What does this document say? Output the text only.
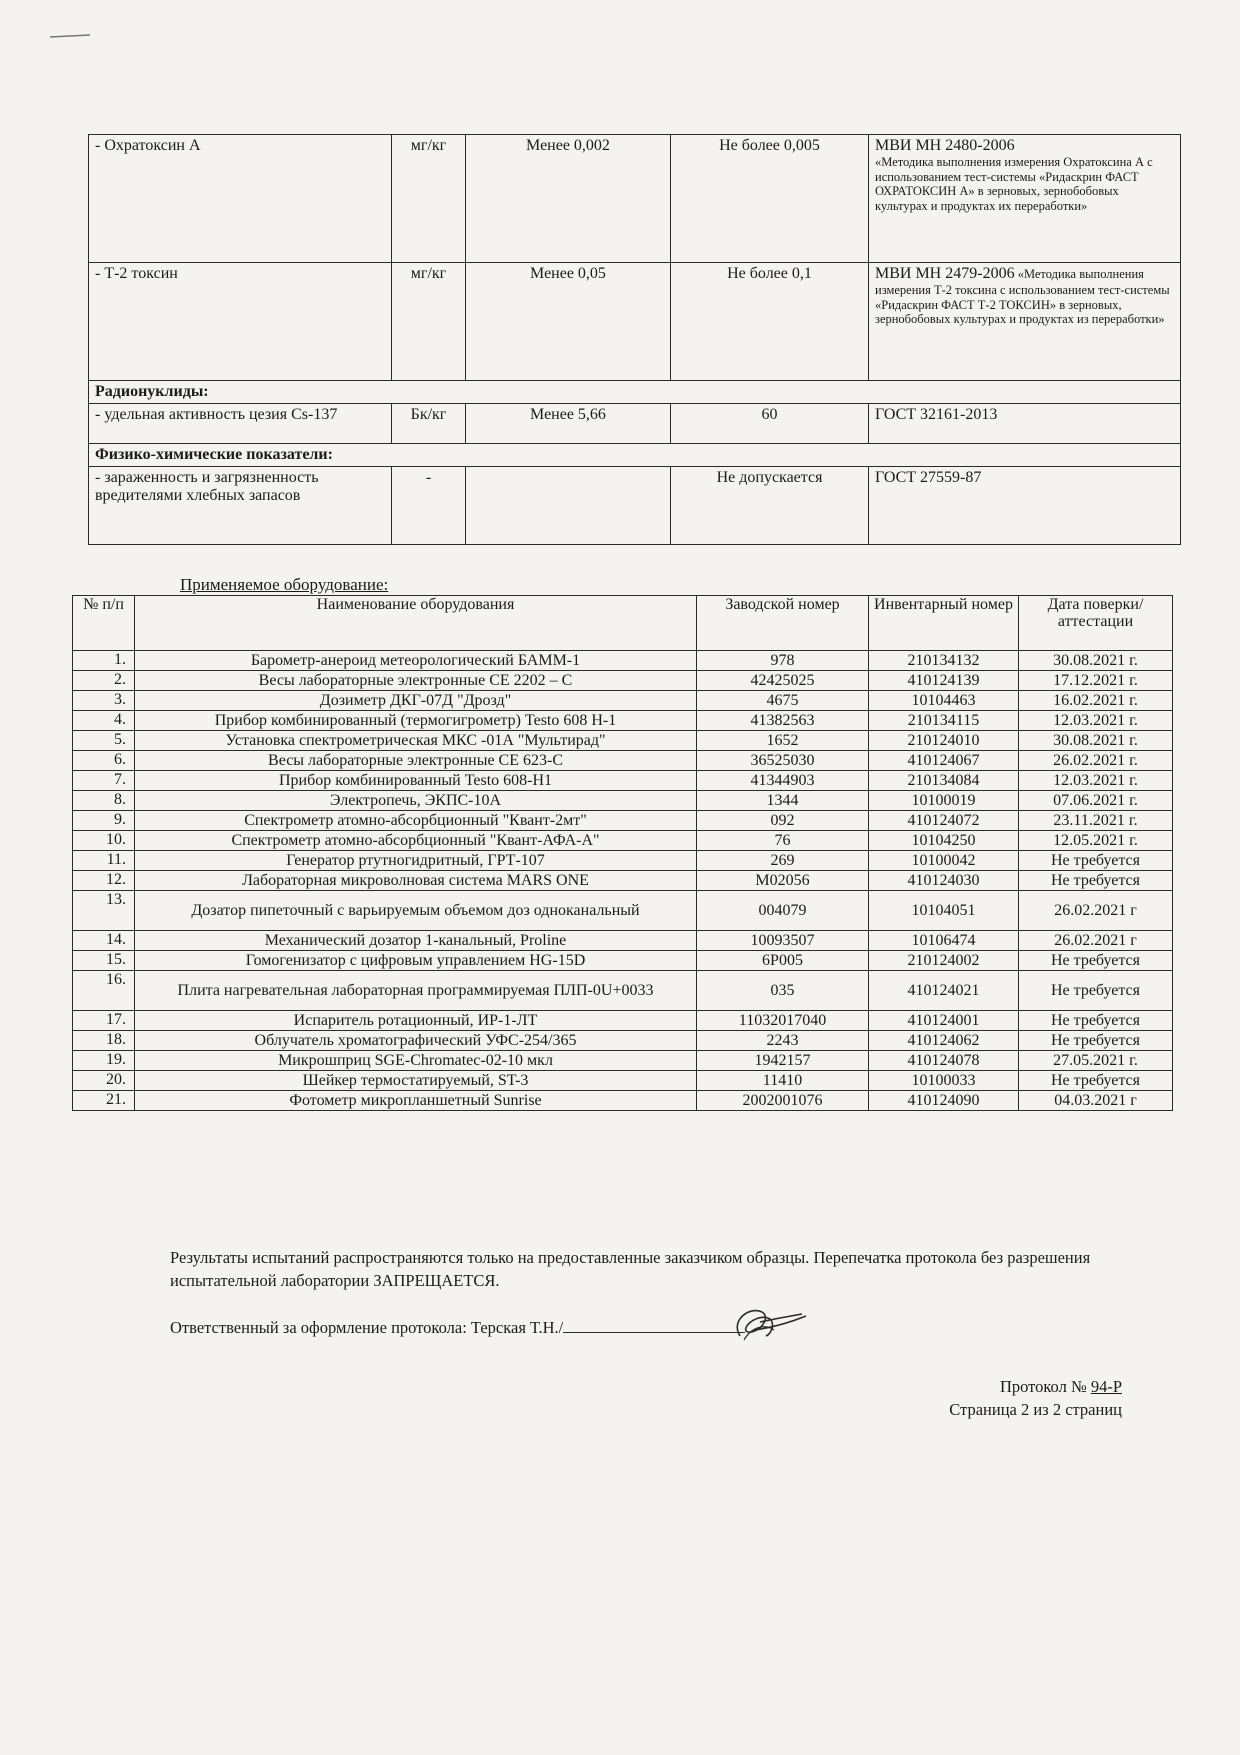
- Охратоксин А	мг/кг	Менее 0,002	Не более 0,005	МВИ МН 2480-2006
«Методика выполнения измерения Охратоксина А с использованием тест-системы «Ридаскрин ФАСТ ОХРАТОКСИН А» в зерновых, зернобобовых культурах и продуктах их переработки»

- Т-2 токсин	мг/кг	Менее 0,05	Не более 0,1	МВИ МН 2479-2006 «Методика выполнения измерения Т-2 токсина с использованием тест-системы «Ридаскрин ФАСТ Т-2 ТОКСИН» в зерновых, зернобобовых культурах и продуктах из переработки»
Радионуклиды:				
- удельная активность цезия Cs-137	Бк/кг	Менее 5,66	60	ГОСТ 32161-2013
Физико-химические показатели:				
- зараженность и загрязненность вредителями хлебных запасов	-		Не допускается	ГОСТ 27559-87
Применяемое оборудование:
№ п/п	Наименование оборудования	Заводской номер	Инвентарный номер	Дата поверки/ аттестации
1.	Барометр-анероид метеорологический БАММ-1	978	210134132	30.08.2021 г.
2.	Весы лабораторные электронные СЕ 2202 – С	42425025	410124139	17.12.2021 г.
3.	Дозиметр ДКГ-07Д "Дрозд"	4675	10104463	16.02.2021 г.
4.	Прибор комбинированный (термогигрометр) Testo 608 H-1	41382563	210134115	12.03.2021 г.
5.	Установка спектрометрическая МКС -01А "Мультирад"	1652	210124010	30.08.2021 г.
6.	Весы лабораторные электронные СЕ 623-С	36525030	410124067	26.02.2021 г.
7.	Прибор комбинированный Testo 608-H1	41344903	210134084	12.03.2021 г.
8.	Электропечь, ЭКПС-10А	1344	10100019	07.06.2021 г.
9.	Спектрометр атомно-абсорбционный "Квант-2мт"	092	410124072	23.11.2021 г.
10.	Спектрометр атомно-абсорбционный "Квант-АФА-А"	76	10104250	12.05.2021 г.
11.	Генератор ртутногидритный, ГРТ-107	269	10100042	Не требуется
12.	Лабораторная микроволновая система MARS ONE	M02056	410124030	Не требуется
13.	Дозатор пипеточный с варьируемым объемом доз одноканальный	004079	10104051	26.02.2021 г
14.	Механический дозатор 1-канальный, Proline	10093507	10106474	26.02.2021 г
15.	Гомогенизатор с цифровым управлением HG-15D	6P005	210124002	Не требуется
16.	Плита нагревательная лабораторная программируемая ПЛП-0U+0033	035	410124021	Не требуется
17.	Испаритель ротационный, ИР-1-ЛТ	11032017040	410124001	Не требуется
18.	Облучатель хроматографический УФС-254/365	2243	410124062	Не требуется
19.	Микрошприц SGE-Chromatec-02-10 мкл	1942157	410124078	27.05.2021 г.
20.	Шейкер термостатируемый, ST-3	11410	10100033	Не требуется
21.	Фотометр микропланшетный Sunrise	2002001076	410124090	04.03.2021 г
Результаты испытаний распространяются только на предоставленные заказчиком образцы. Перепечатка протокола без разрешения испытательной лаборатории ЗАПРЕЩАЕТСЯ.
Ответственный за оформление протокола: Терская Т.Н./
Протокол № 94-Р
Страница 2 из 2 страниц
